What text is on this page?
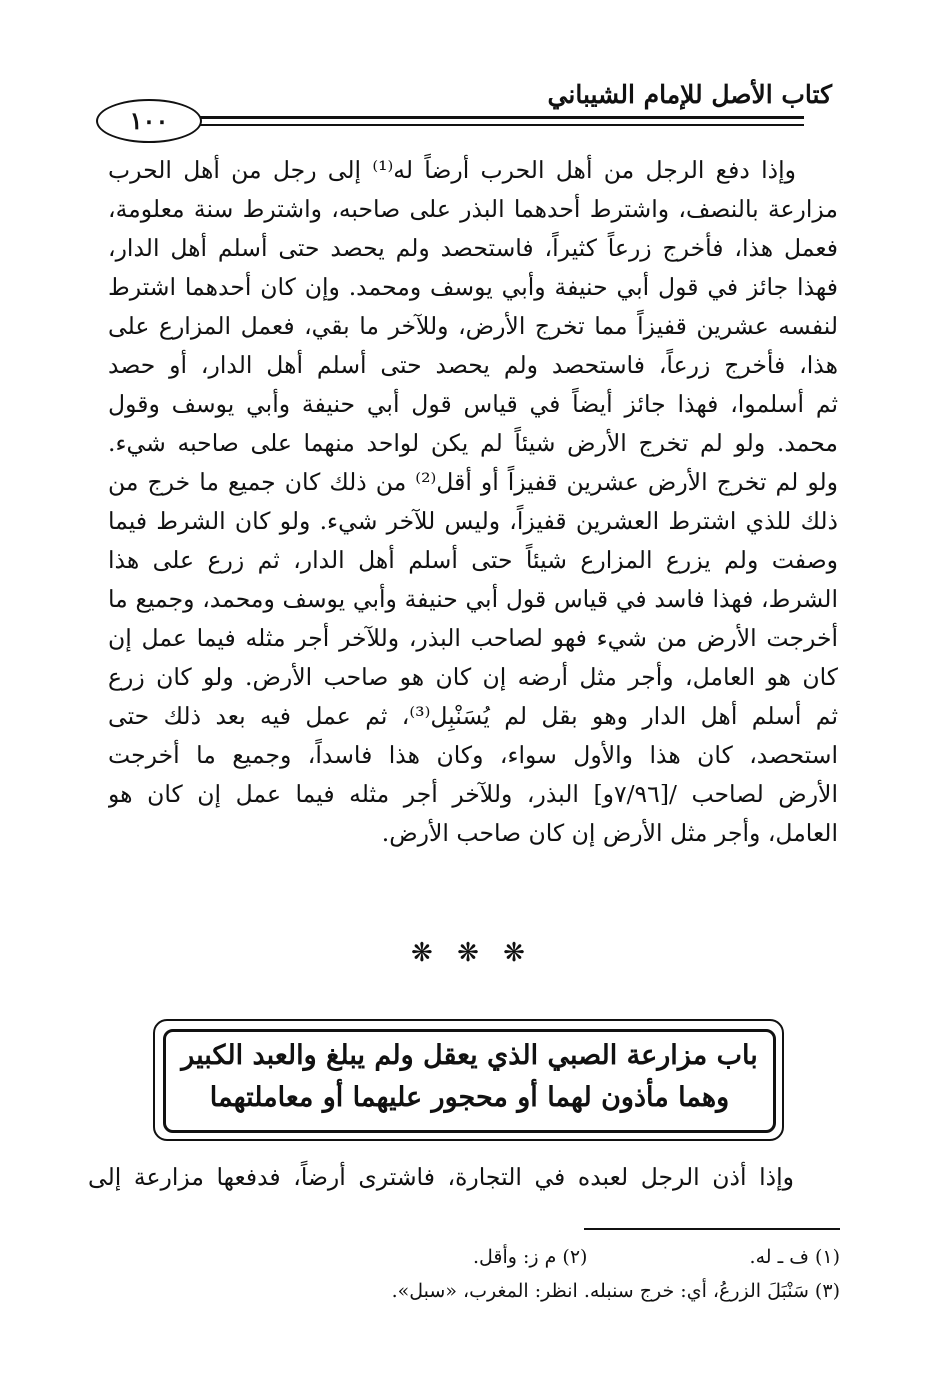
كتاب الأصل للإمام الشيباني
١٠٠
وإذا دفع الرجل من أهل الحرب أرضاً له⁽¹⁾ إلى رجل من أهل الحرب
مزارعة بالنصف، واشترط أحدهما البذر على صاحبه، واشترط سنة معلومة،
فعمل هذا، فأخرج زرعاً كثيراً، فاستحصد ولم يحصد حتى أسلم أهل الدار،
فهذا جائز في قول أبي حنيفة وأبي يوسف ومحمد. وإن كان أحدهما اشترط
لنفسه عشرين قفيزاً مما تخرج الأرض، وللآخر ما بقي، فعمل المزارع على
هذا، فأخرج زرعاً، فاستحصد ولم يحصد حتى أسلم أهل الدار، أو حصد
ثم أسلموا، فهذا جائز أيضاً في قياس قول أبي حنيفة وأبي يوسف وقول
محمد. ولو لم تخرج الأرض شيئاً لم يكن لواحد منهما على صاحبه شيء.
ولو لم تخرج الأرض عشرين قفيزاً أو أقل⁽²⁾ من ذلك كان جميع ما خرج من
ذلك للذي اشترط العشرين قفيزاً، وليس للآخر شيء. ولو كان الشرط فيما
وصفت ولم يزرع المزارع شيئاً حتى أسلم أهل الدار، ثم زرع على هذا
الشرط، فهذا فاسد في قياس قول أبي حنيفة وأبي يوسف ومحمد، وجميع ما
أخرجت الأرض من شيء فهو لصاحب البذر، وللآخر أجر مثله فيما عمل إن
كان هو العامل، وأجر مثل أرضه إن كان هو صاحب الأرض. ولو كان زرع
ثم أسلم أهل الدار وهو بقل لم يُسَنْبِل⁽³⁾، ثم عمل فيه بعد ذلك حتى
استحصد، كان هذا والأول سواء، وكان هذا فاسداً، وجميع ما أخرجت
الأرض لصاحب /[٧/٩٦و] البذر، وللآخر أجر مثله فيما عمل إن كان هو
العامل، وأجر مثل الأرض إن كان صاحب الأرض.
❋ ❋ ❋
باب مزارعة الصبي الذي يعقل ولم يبلغ والعبد الكبير
وهما مأذون لهما أو محجور عليهما أو معاملتهما
وإذا أذن الرجل لعبده في التجارة، فاشترى أرضاً، فدفعها مزارعة إلى
(١) ف ـ له.  (٢) م ز: وأقل.
(٣) سَنْبَلَ الزرعُ، أي: خرج سنبله. انظر: المغرب، «سبل».
